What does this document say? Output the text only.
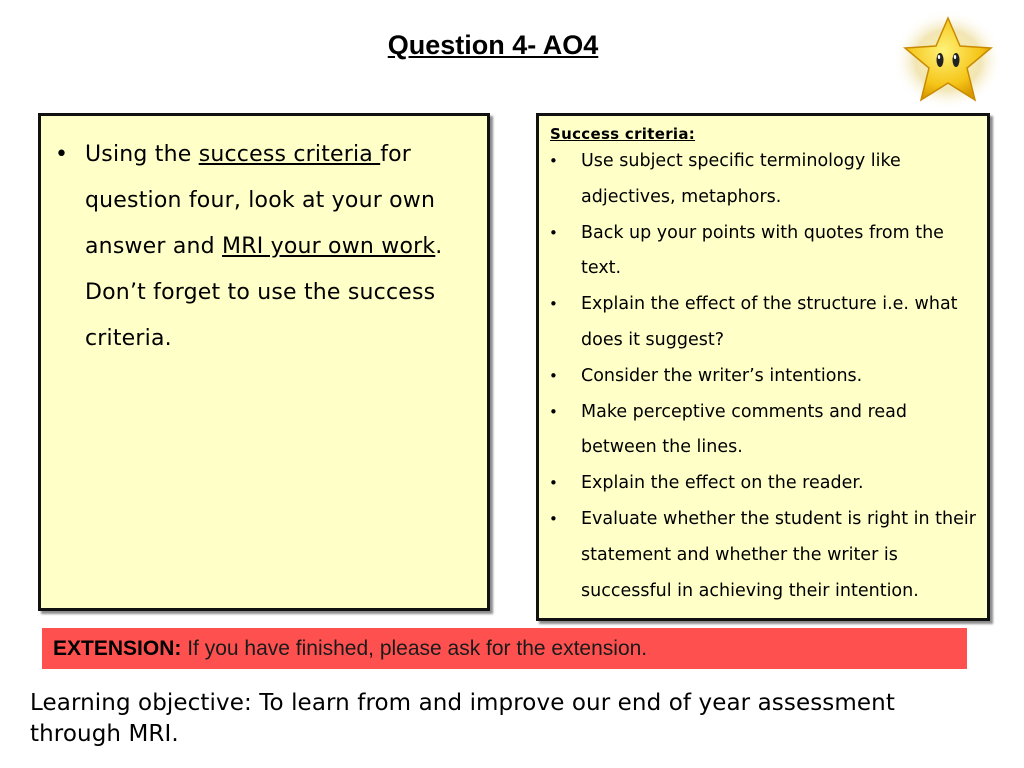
Question 4- AO4
• Using the success criteria for question four, look at your own answer and MRI your own work. Don’t forget to use the success criteria.
Success criteria:
• Use subject specific terminology like adjectives, metaphors.
• Back up your points with quotes from the text.
• Explain the effect of the structure i.e. what does it suggest?
• Consider the writer’s intentions.
• Make perceptive comments and read between the lines.
• Explain the effect on the reader.
• Evaluate whether the student is right in their statement and whether the writer is successful in achieving their intention.
EXTENSION: If you have finished, please ask for the extension.
Learning objective: To learn from and improve our end of year assessment through MRI.
